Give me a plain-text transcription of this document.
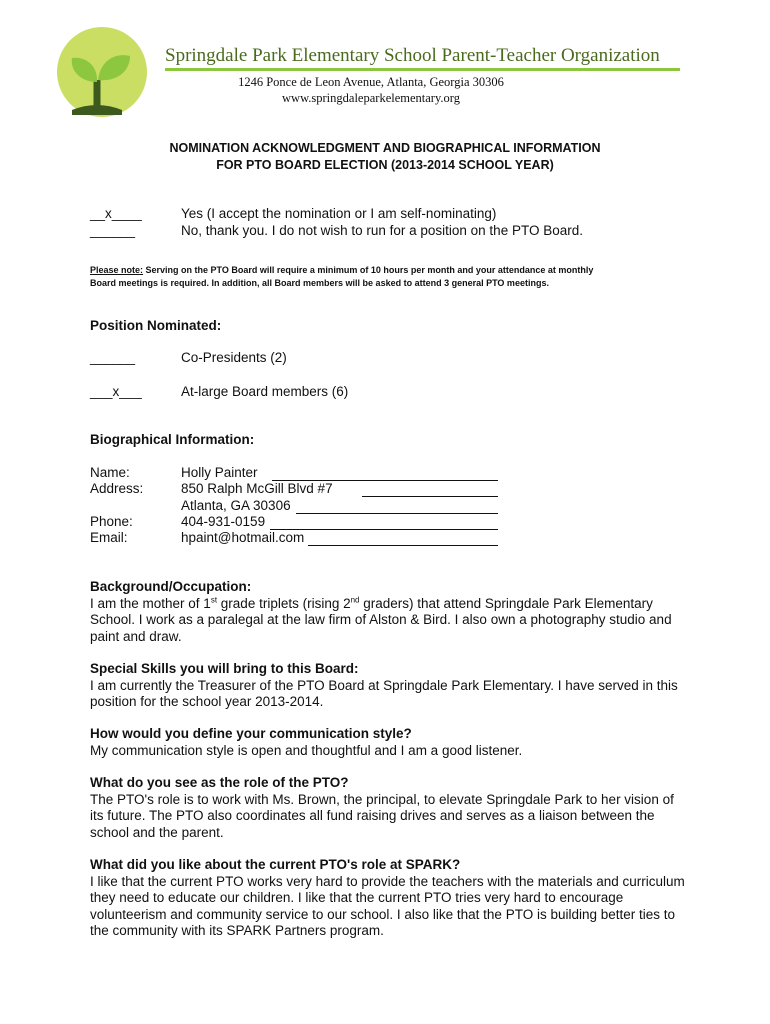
Springdale Park Elementary School Parent-Teacher Organization
1246 Ponce de Leon Avenue, Atlanta, Georgia 30306
www.springdaleparkelementary.org
NOMINATION ACKNOWLEDGMENT AND BIOGRAPHICAL INFORMATION
FOR PTO BOARD ELECTION (2013-2014 SCHOOL YEAR)
__x____	Yes (I accept the nomination or I am self-nominating)
______	No, thank you. I do not wish to run for a position on the PTO Board.
Please note: Serving on the PTO Board will require a minimum of 10 hours per month and your attendance at monthly
Board meetings is required. In addition, all Board members will be asked to attend 3 general PTO meetings.
Position Nominated:
______	Co-Presidents (2)
___x___	At-large Board members (6)
Biographical Information:
Name:	Holly Painter
Address:	850 Ralph McGill Blvd #7
Atlanta, GA 30306
Phone:	404-931-0159
Email:	hpaint@hotmail.com
Background/Occupation:
I am the mother of 1st grade triplets (rising 2nd graders) that attend Springdale Park Elementary School. I work as a paralegal at the law firm of Alston & Bird. I also own a photography studio and paint and draw.
Special Skills you will bring to this Board:
I am currently the Treasurer of the PTO Board at Springdale Park Elementary. I have served in this position for the school year 2013-2014.
How would you define your communication style?
My communication style is open and thoughtful and I am a good listener.
What do you see as the role of the PTO?
The PTO's role is to work with Ms. Brown, the principal, to elevate Springdale Park to her vision of its future. The PTO also coordinates all fund raising drives and serves as a liaison between the school and the parent.
What did you like about the current PTO's role at SPARK?
I like that the current PTO works very hard to provide the teachers with the materials and curriculum they need to educate our children. I like that the current PTO tries very hard to encourage volunteerism and community service to our school. I also like that the PTO is building better ties to the community with its SPARK Partners program.
